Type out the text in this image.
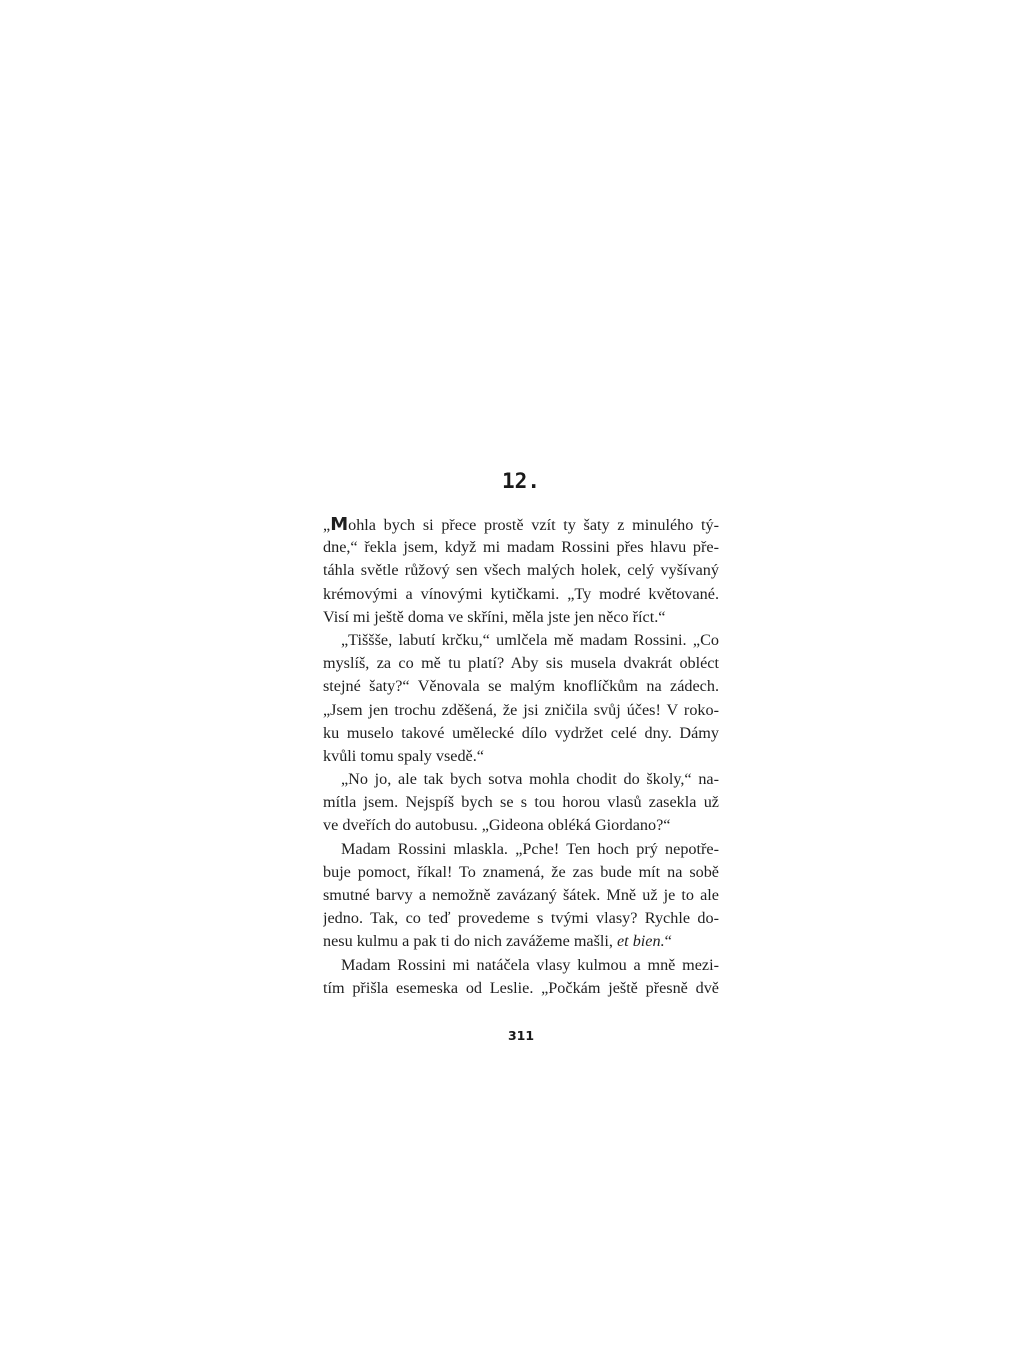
12.
„Mohla bych si přece prostě vzít ty šaty z minulého tý-
dne,“ řekla jsem, když mi madam Rossini přes hlavu pře-
táhla světle růžový sen všech malých holek, celý vyšívaný
krémovými a vínovými kytičkami. „Ty modré květované.
Visí mi ještě doma ve skříni, měla jste jen něco říct.“
„Tiššše, labutí krčku,“ umlčela mě madam Rossini. „Co
myslíš, za co mě tu platí? Aby sis musela dvakrát obléct
stejné šaty?“ Věnovala se malým knoflíčkům na zádech.
„Jsem jen trochu zděšená, že jsi zničila svůj účes! V roko-
ku muselo takové umělecké dílo vydržet celé dny. Dámy
kvůli tomu spaly vsedě.“
„No jo, ale tak bych sotva mohla chodit do školy,“ na-
mítla jsem. Nejspíš bych se s tou horou vlasů zasekla už
ve dveřích do autobusu. „Gideona obléká Giordano?“
Madam Rossini mlaskla. „Pche! Ten hoch prý nepotře-
buje pomoct, říkal! To znamená, že zas bude mít na sobě
smutné barvy a nemožně zavázaný šátek. Mně už je to ale
jedno. Tak, co teď provedeme s tvými vlasy? Rychle do-
nesu kulmu a pak ti do nich zavážeme mašli, et bien.“
Madam Rossini mi natáčela vlasy kulmou a mně mezi-
tím přišla esemeska od Leslie. „Počkám ještě přesně dvě
311
